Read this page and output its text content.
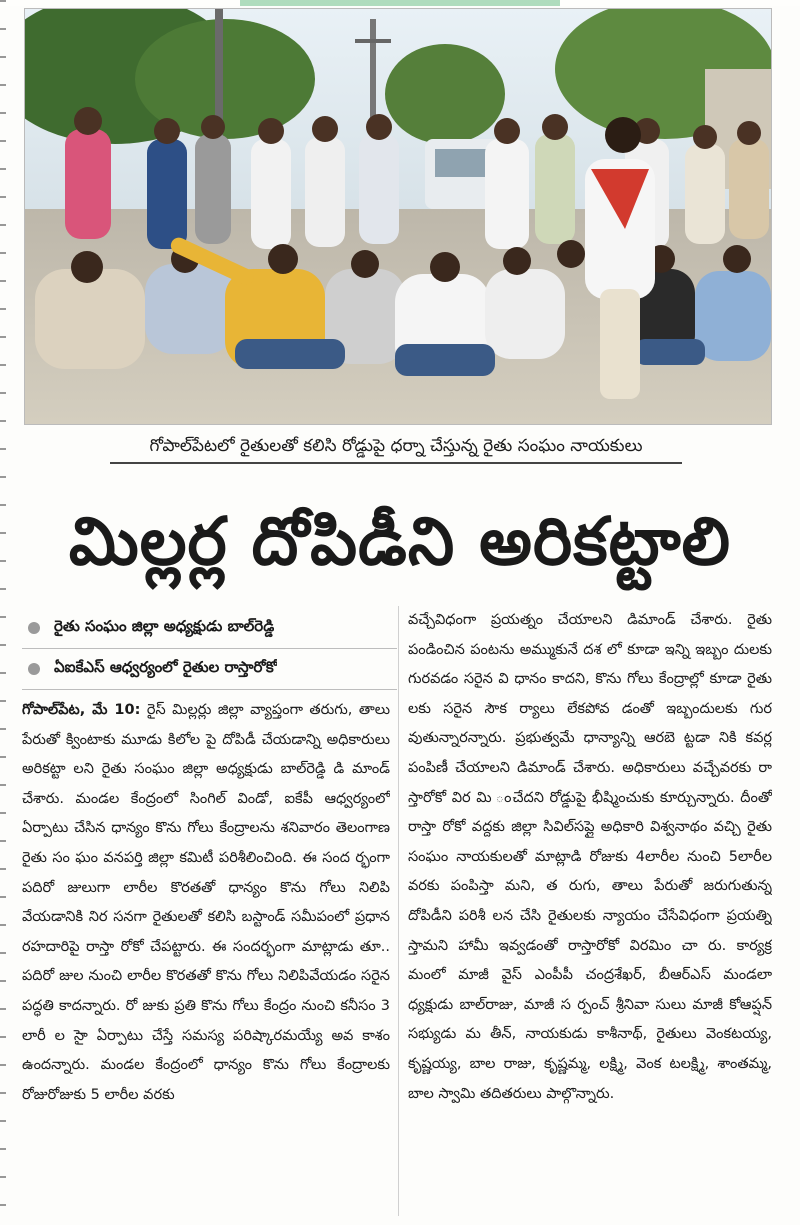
గోపాల్‌పేటలో రైతులతో కలిసి రోడ్డుపై ధర్నా చేస్తున్న రైతు సంఘం నాయకులు
మిల్లర్ల దోపిడీని అరికట్టాలి
రైతు సంఘం జిల్లా అధ్యక్షుడు బాల్‌రెడ్డి
ఏఐకేఎస్ ఆధ్వర్యంలో రైతుల రాస్తారోకో

గోపాల్‌పేట, మే 10: రైస్ మిల్లర్లు జిల్లా వ్యాప్తంగా తరుగు, తాలు పేరుతో క్వింటాకు మూడు కిలోల పై దోపిడీ చేయడాన్ని అధికారులు అరికట్టా లని రైతు సంఘం జిల్లా అధ్యక్షుడు బాల్‌రెడ్డి డి మాండ్ చేశారు. మండల కేంద్రంలో సింగిల్ విండో, ఐకేపీ ఆధ్వర్యంలో ఏర్పాటు చేసిన ధాన్యం కొను గోలు కేంద్రాలను శనివారం తెలంగాణ రైతు సం ఘం వనపర్తి జిల్లా కమిటీ పరిశీలించింది. ఈ సంద ర్భంగా పదిరో జులుగా లారీల కొరతతో ధాన్యం కొను గోలు నిలిపి వేయడానికి నిర సనగా రైతులతో కలిసి బస్టాండ్ సమీపంలో ప్రధాన రహదారిపై రాస్తా రోకో చేపట్టారు. ఈ సందర్భంగా మాట్లాడు తూ.. పదిరో జుల నుంచి లారీల కొరతతో కొను గోలు నిలిపివేయడం సరైన పద్ధతి కాదన్నారు. రో జుకు ప్రతి కొను గోలు కేంద్రం నుంచి కనీసం 3 లారీ ల సైా ఏర్పాటు చేస్తే సమస్య పరిష్కారమయ్యే అవ కాశం ఉందన్నారు. మండల కేంద్రంలో ధాన్యం కొను గోలు కేంద్రాలకు రోజురోజుకు 5 లారీల వరకు

వచ్చేవిధంగా ప్రయత్నం చేయాలని డిమాండ్ చేశారు. రైతు పండించిన పంటను అమ్ముకునే దశ లో కూడా ఇన్ని ఇబ్బం దులకు గురవడం సరైన వి ధానం కాదని, కొను గోలు కేంద్రాల్లో కూడా రైతు లకు సరైన సౌక ర్యాలు లేకపోవ డంతో ఇబ్బందులకు గుర వుతున్నారన్నారు. ప్రభుత్వమే ధాన్యాన్ని ఆరబె ట్టడా నికి కవర్ల పంపిణీ చేయాలని డిమాండ్ చేశారు. అధికారులు వచ్చేవరకు రా స్తారోకో విర మి ంచేదని రోడ్డుపై భీష్మించుకు కూర్చున్నారు. దీంతో రాస్తా రోకో వద్దకు జిల్లా సివిల్‌సప్లై అధికారి విశ్వనాథం వచ్చి రైతు సంఘం నాయకులతో మాట్లాడి రోజుకు 4లారీల నుంచి 5లారీల వరకు పంపిస్తా మని, త రుగు, తాలు పేరుతో జరుగుతున్న దోపిడీని పరిశీ లన చేసి రైతులకు న్యాయం చేసేవిధంగా ప్రయత్ని స్తామని హామీ ఇవ్వడంతో రాస్తారోకో విరమిం చా రు. కార్యక్ర మంలో మాజీ వైస్ ఎంపీపీ చంద్రశేఖర్, బీఆర్ఎస్ మండలా ధ్యక్షుడు బాల్‌రాజు, మాజీ స ర్పంచ్ శ్రీనివా సులు మాజీ కోఆప్షన్ సభ్యుడు మ తీన్, నాయకుడు కాశీనాథ్, రైతులు వెంకటయ్య, కృష్ణయ్య, బాల రాజు, కృష్ణమ్మ, లక్ష్మి, వెంక టలక్ష్మి, శాంతమ్మ, బాల స్వామి తదితరులు పాల్గొన్నారు.
